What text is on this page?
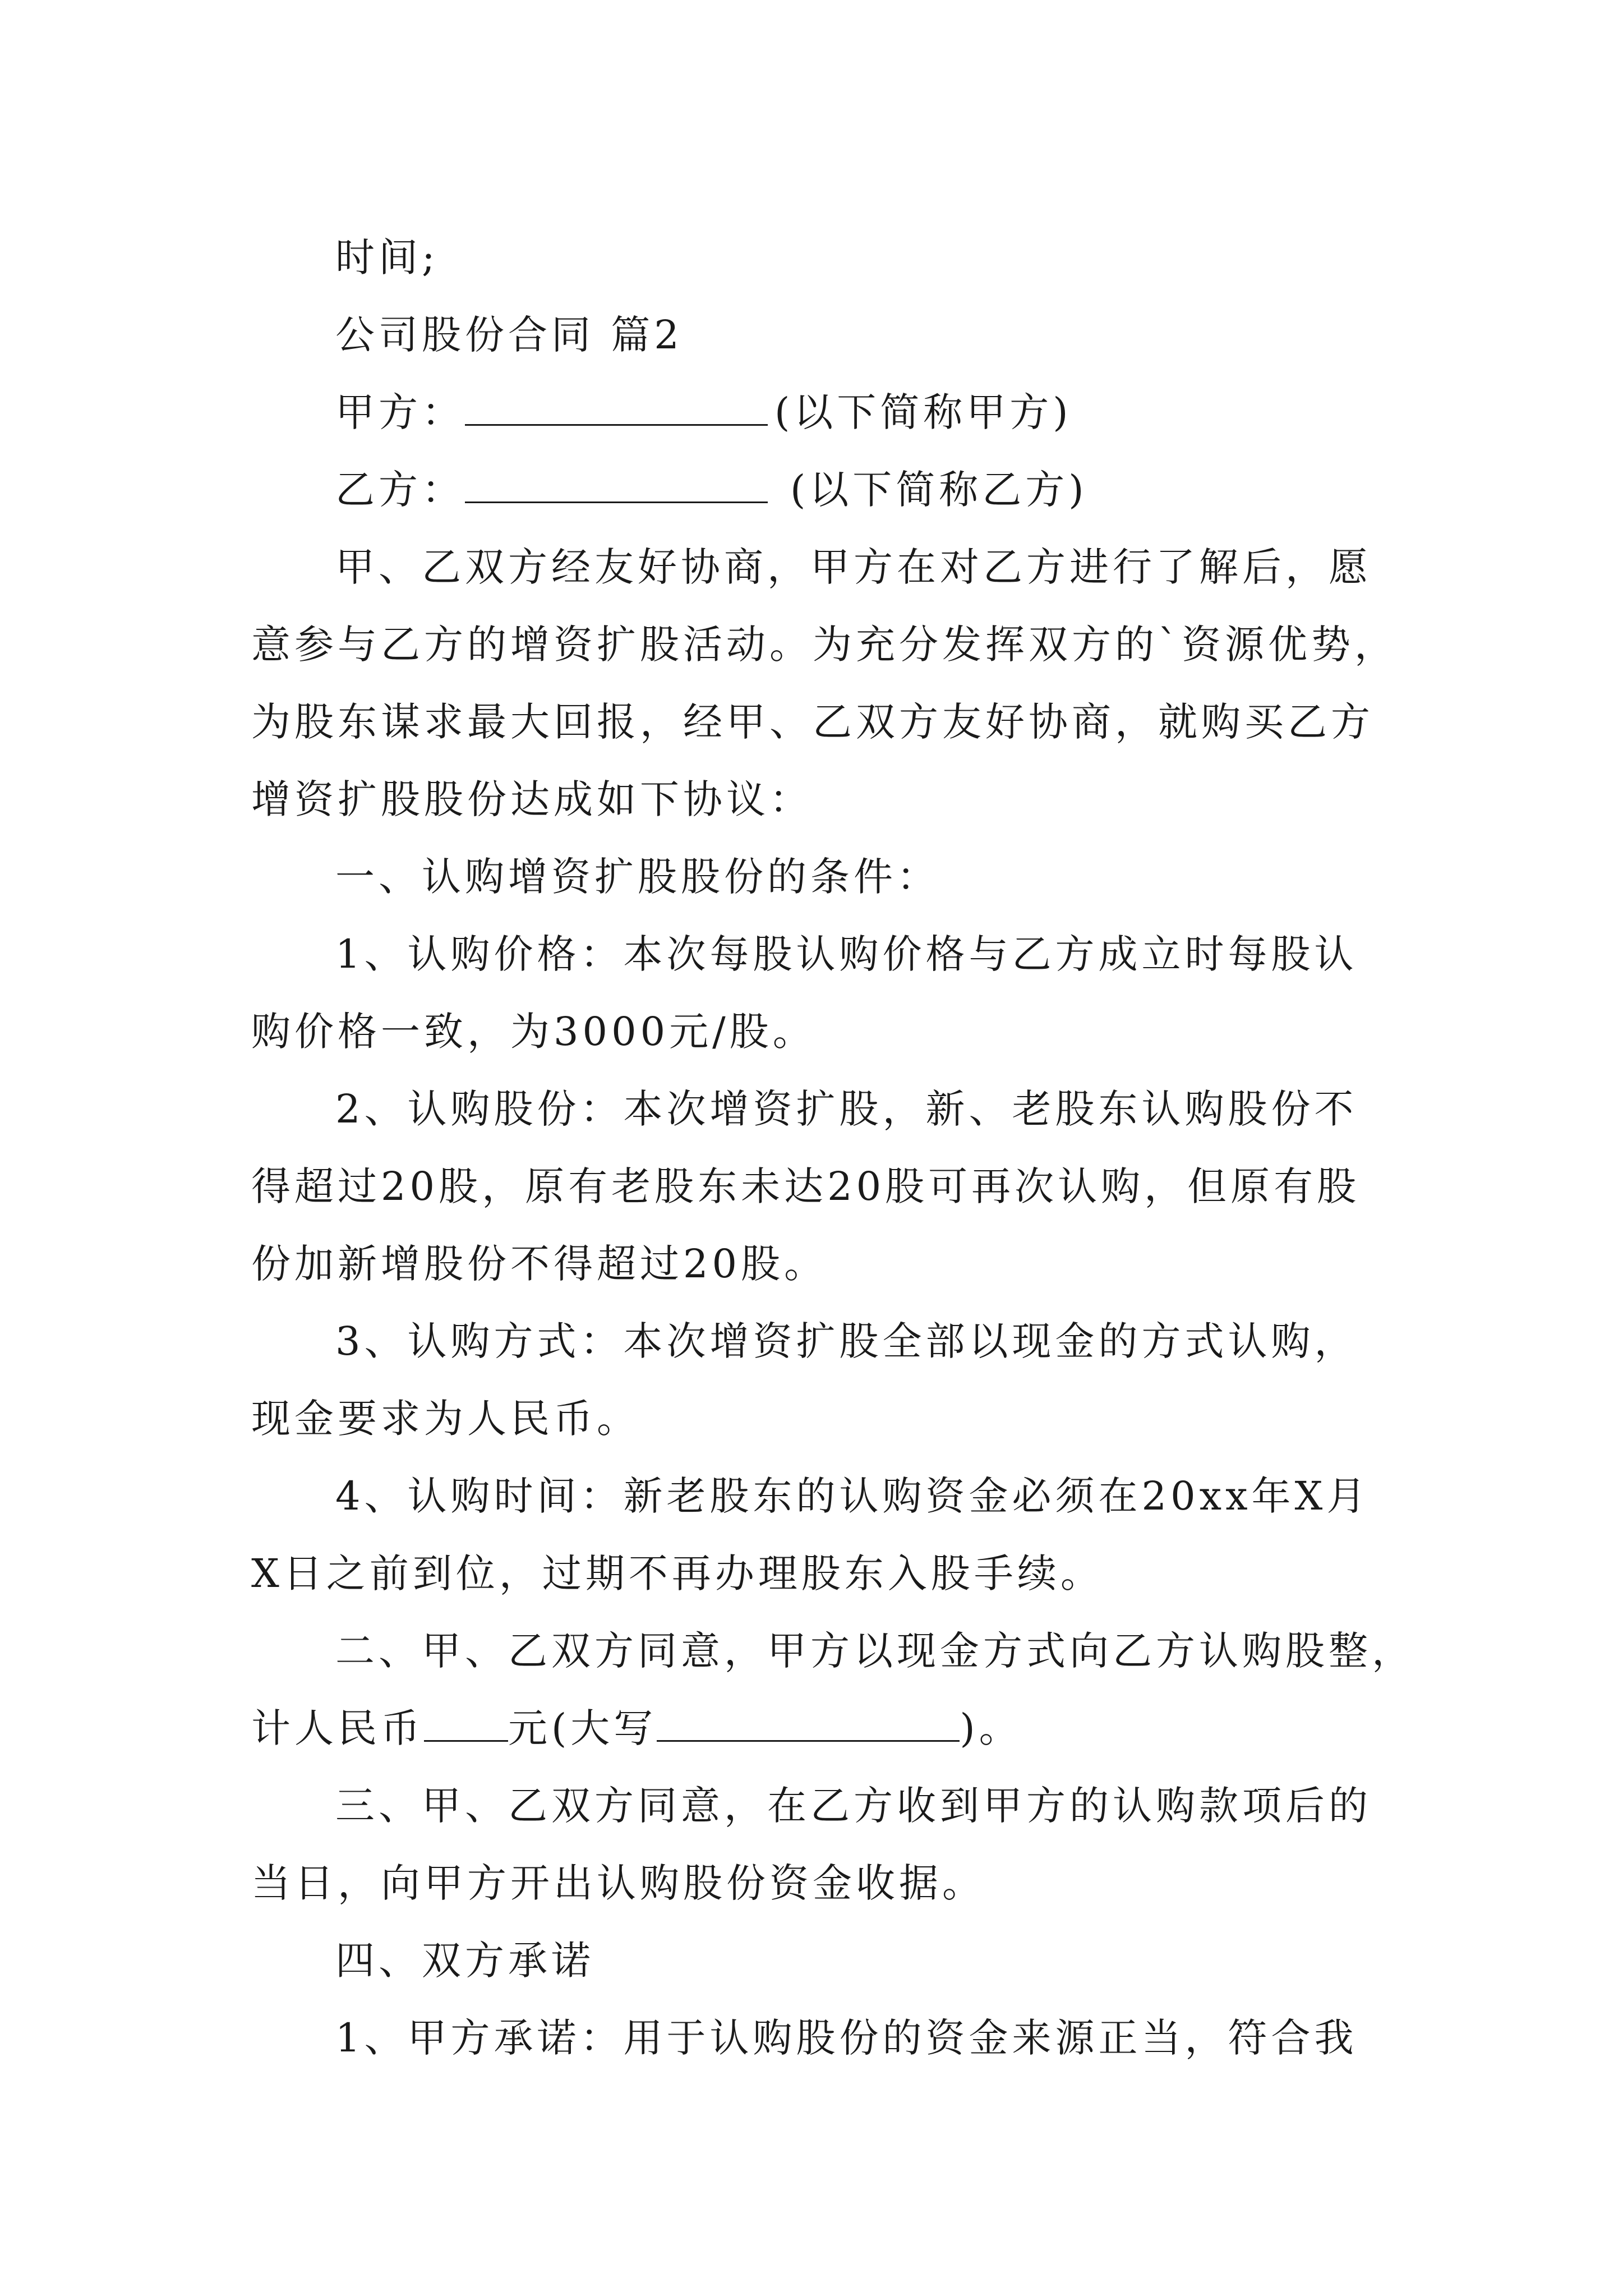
时间;
公司股份合同 篇2
甲方：	(以下简称甲方)
乙方：	(以下简称乙方)
甲、乙双方经友好协商，甲方在对乙方进行了解后，愿
意参与乙方的增资扩股活动。为充分发挥双方的`资源优势，
为股东谋求最大回报，经甲、乙双方友好协商，就购买乙方
增资扩股股份达成如下协议：
一、认购增资扩股股份的条件：
1、认购价格：本次每股认购价格与乙方成立时每股认
购价格一致，为3000元/股。
2、认购股份：本次增资扩股，新、老股东认购股份不
得超过20股，原有老股东未达20股可再次认购，但原有股
份加新增股份不得超过20股。
3、认购方式：本次增资扩股全部以现金的方式认购，
现金要求为人民币。
4、认购时间：新老股东的认购资金必须在20xx年X月
X日之前到位，过期不再办理股东入股手续。
二、甲、乙双方同意，甲方以现金方式向乙方认购股整，
计人民币 元(大写	)。
三、甲、乙双方同意，在乙方收到甲方的认购款项后的
当日，向甲方开出认购股份资金收据。
四、双方承诺
1、甲方承诺：用于认购股份的资金来源正当，符合我
